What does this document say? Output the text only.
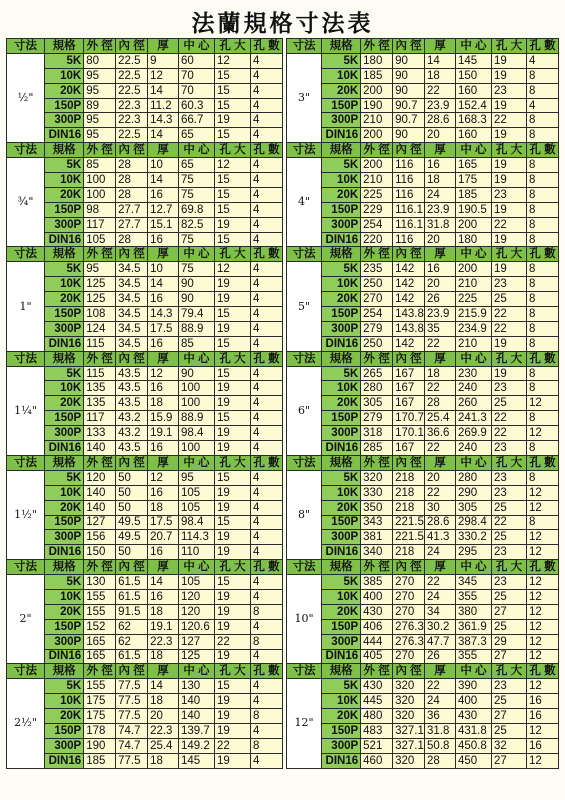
法蘭規格寸法表
寸法	規格	外 徑	內 徑	厚	中 心	孔 大	孔 數
½"	5K	80	22.5	9	60	12	4
	10K	95	22.5	12	70	15	4
	20K	95	22.5	14	70	15	4
	150P	89	22.3	11.2	60.3	15	4
	300P	95	22.3	14.3	66.7	19	4
	DIN16	95	22.5	14	65	15	4
寸法	規格	外 徑	內 徑	厚	中 心	孔 大	孔 數
¾"	5K	85	28	10	65	12	4
	10K	100	28	14	75	15	4
	20K	100	28	16	75	15	4
	150P	98	27.7	12.7	69.8	15	4
	300P	117	27.7	15.1	82.5	19	4
	DIN16	105	28	16	75	15	4
寸法	規格	外 徑	內 徑	厚	中 心	孔 大	孔 數
1"	5K	95	34.5	10	75	12	4
	10K	125	34.5	14	90	19	4
	20K	125	34.5	16	90	19	4
	150P	108	34.5	14.3	79.4	15	4
	300P	124	34.5	17.5	88.9	19	4
	DIN16	115	34.5	16	85	15	4
寸法	規格	外 徑	內 徑	厚	中 心	孔 大	孔 數
1¼"	5K	115	43.5	12	90	15	4
	10K	135	43.5	16	100	19	4
	20K	135	43.5	18	100	19	4
	150P	117	43.2	15.9	88.9	15	4
	300P	133	43.2	19.1	98.4	19	4
	DIN16	140	43.5	16	100	19	4
寸法	規格	外 徑	內 徑	厚	中 心	孔 大	孔 數
1½"	5K	120	50	12	95	15	4
	10K	140	50	16	105	19	4
	20K	140	50	18	105	19	4
	150P	127	49.5	17.5	98.4	15	4
	300P	156	49.5	20.7	114.3	19	4
	DIN16	150	50	16	110	19	4
寸法	規格	外 徑	內 徑	厚	中 心	孔 大	孔 數
2"	5K	130	61.5	14	105	15	4
	10K	155	61.5	16	120	19	4
	20K	155	91.5	18	120	19	8
	150P	152	62	19.1	120.6	19	4
	300P	165	62	22.3	127	22	8
	DIN16	165	61.5	18	125	19	4
寸法	規格	外 徑	內 徑	厚	中 心	孔 大	孔 數
2½"	5K	155	77.5	14	130	15	4
	10K	175	77.5	18	140	19	4
	20K	175	77.5	20	140	19	8
	150P	178	74.7	22.3	139.7	19	4
	300P	190	74.7	25.4	149.2	22	8
	DIN16	185	77.5	18	145	19	4
寸法	規格	外 徑	內 徑	厚	中 心	孔 大	孔 數
3"	5K	180	90	14	145	19	4
	10K	185	90	18	150	19	8
	20K	200	90	22	160	23	8
	150P	190	90.7	23.9	152.4	19	4
	300P	210	90.7	28.6	168.3	22	8
	DIN16	200	90	20	160	19	8
寸法	規格	外 徑	內 徑	厚	中 心	孔 大	孔 數
4"	5K	200	116	16	165	19	8
	10K	210	116	18	175	19	8
	20K	225	116	24	185	23	8
	150P	229	116.1	23.9	190.5	19	8
	300P	254	116.1	31.8	200	22	8
	DIN16	220	116	20	180	19	8
寸法	規格	外 徑	內 徑	厚	中 心	孔 大	孔 數
5"	5K	235	142	16	200	19	8
	10K	250	142	20	210	23	8
	20K	270	142	26	225	25	8
	150P	254	143.8	23.9	215.9	22	8
	300P	279	143.8	35	234.9	22	8
	DIN16	250	142	22	210	19	8
寸法	規格	外 徑	內 徑	厚	中 心	孔 大	孔 數
6"	5K	265	167	18	230	19	8
	10K	280	167	22	240	23	8
	20K	305	167	28	260	25	12
	150P	279	170.7	25.4	241.3	22	8
	300P	318	170.1	36.6	269.9	22	12
	DIN16	285	167	22	240	23	8
寸法	規格	外 徑	內 徑	厚	中 心	孔 大	孔 數
8"	5K	320	218	20	280	23	8
	10K	330	218	22	290	23	12
	20K	350	218	30	305	25	12
	150P	343	221.5	28.6	298.4	22	8
	300P	381	221.5	41.3	330.2	25	12
	DIN16	340	218	24	295	23	12
寸法	規格	外 徑	內 徑	厚	中 心	孔 大	孔 數
10"	5K	385	270	22	345	23	12
	10K	400	270	24	355	25	12
	20K	430	270	34	380	27	12
	150P	406	276.3	30.2	361.9	25	12
	300P	444	276.3	47.7	387.3	29	12
	DIN16	405	270	26	355	27	12
寸法	規格	外 徑	內 徑	厚	中 心	孔 大	孔 數
12"	5K	430	320	22	390	23	12
	10K	445	320	24	400	25	16
	20K	480	320	36	430	27	16
	150P	483	327.1	31.8	431.8	25	12
	300P	521	327.1	50.8	450.8	32	16
	DIN16	460	320	28	450	27	12
